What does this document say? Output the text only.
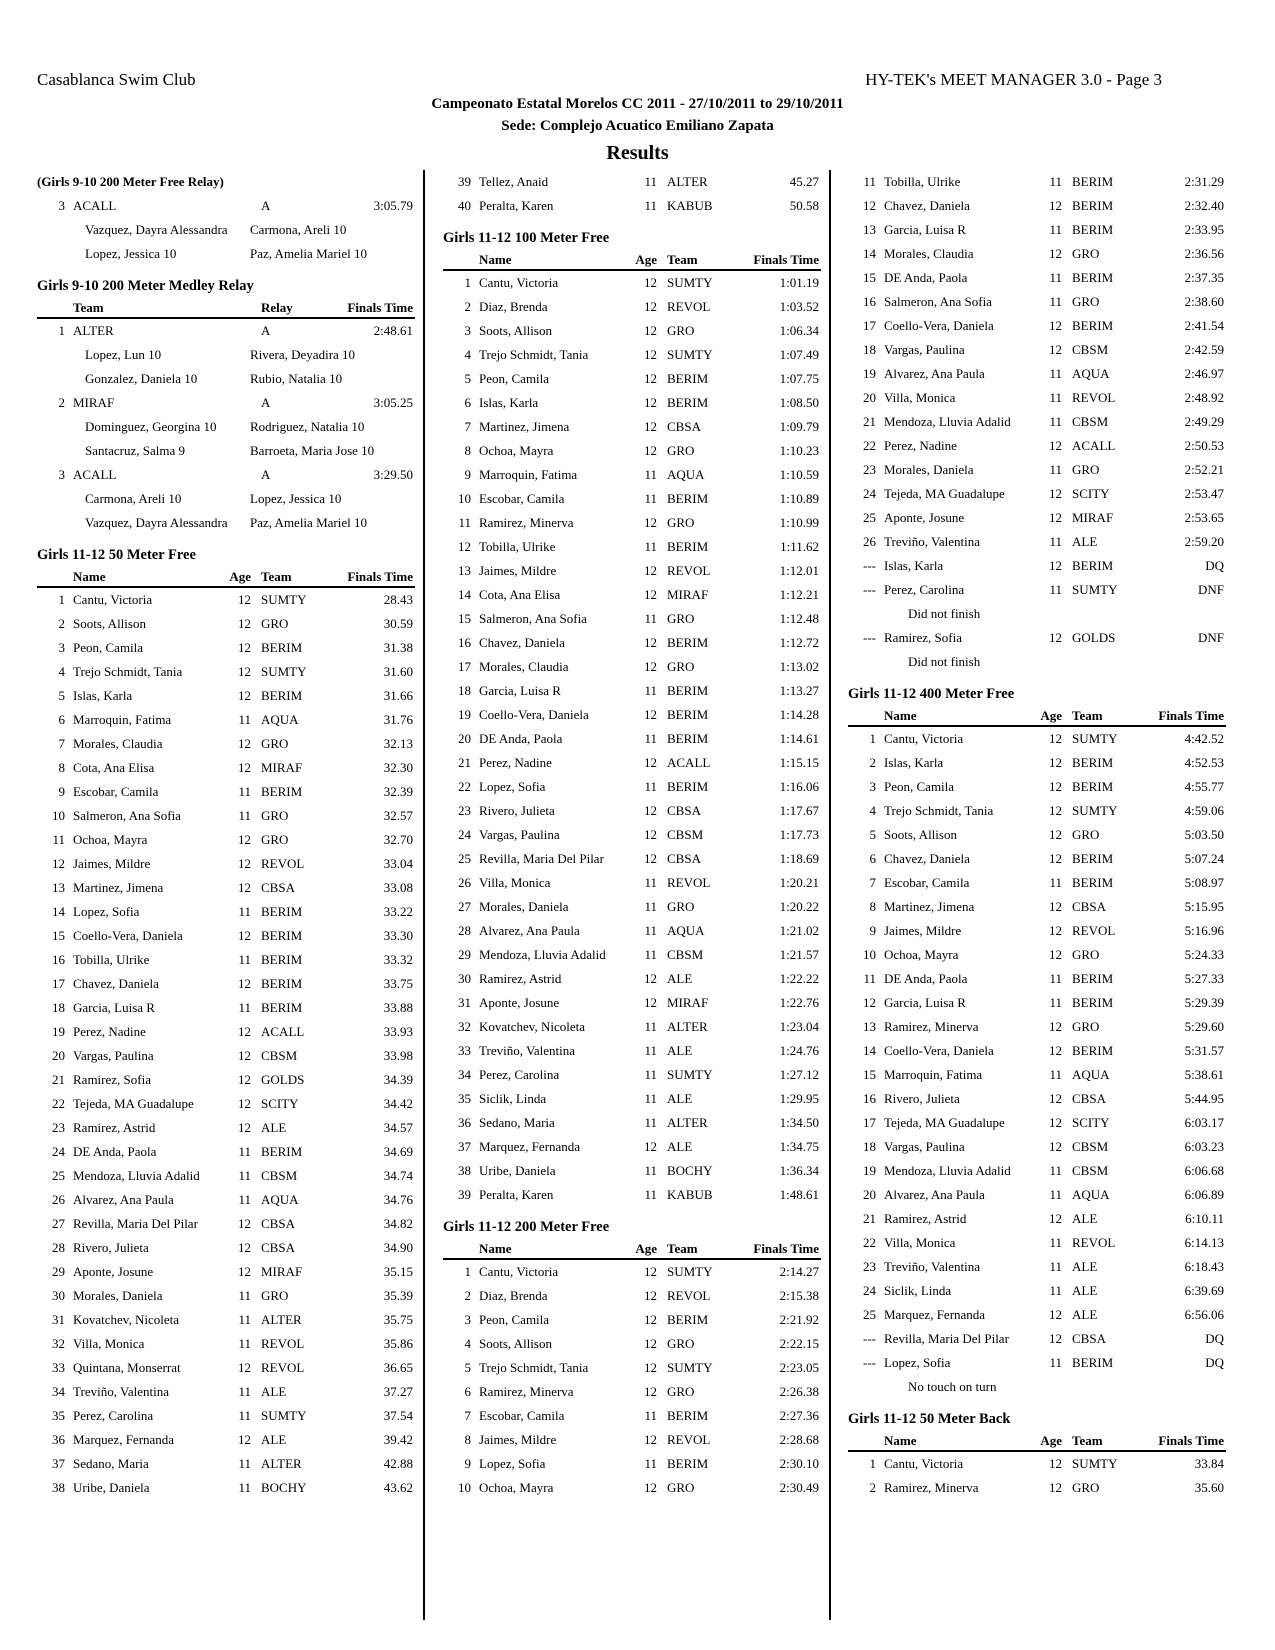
Casablanca Swim Club	HY-TEK's MEET MANAGER 3.0 - Page 3
Campeonato Estatal Morelos CC 2011 - 27/10/2011 to 29/10/2011
Sede: Complejo Acuatico Emiliano Zapata
Results
(Girls 9-10 200 Meter Free Relay)
3 ACALL	A	3:05.79
Vazquez, Dayra Alessandra	Carmona, Areli 10
Lopez, Jessica 10	Paz, Amelia Mariel 10
Girls 9-10 200 Meter Medley Relay
Team	Relay	Finals Time
1 ALTER	A	2:48.61
Lopez, Lun 10	Rivera, Deyadira 10
Gonzalez, Daniela 10	Rubio, Natalia 10
2 MIRAF	A	3:05.25
Dominguez, Georgina 10	Rodriguez, Natalia 10
Santacruz, Salma 9	Barroeta, Maria Jose 10
3 ACALL	A	3:29.50
Carmona, Areli 10	Lopez, Jessica 10
Vazquez, Dayra Alessandra	Paz, Amelia Mariel 10
Girls 11-12 50 Meter Free
Name	Age Team	Finals Time
1 Cantu, Victoria	12 SUMTY	28.43
2 Soots, Allison	12 GRO	30.59
3 Peon, Camila	12 BERIM	31.38
4 Trejo Schmidt, Tania	12 SUMTY	31.60
5 Islas, Karla	12 BERIM	31.66
6 Marroquin, Fatima	11 AQUA	31.76
7 Morales, Claudia	12 GRO	32.13
8 Cota, Ana Elisa	12 MIRAF	32.30
9 Escobar, Camila	11 BERIM	32.39
10 Salmeron, Ana Sofia	11 GRO	32.57
11 Ochoa, Mayra	12 GRO	32.70
12 Jaimes, Mildre	12 REVOL	33.04
13 Martinez, Jimena	12 CBSA	33.08
14 Lopez, Sofia	11 BERIM	33.22
15 Coello-Vera, Daniela	12 BERIM	33.30
16 Tobilla, Ulrike	11 BERIM	33.32
17 Chavez, Daniela	12 BERIM	33.75
18 Garcia, Luisa R	11 BERIM	33.88
19 Perez, Nadine	12 ACALL	33.93
20 Vargas, Paulina	12 CBSM	33.98
21 Ramirez, Sofia	12 GOLDS	34.39
22 Tejeda, MA Guadalupe	12 SCITY	34.42
23 Ramirez, Astrid	12 ALE	34.57
24 DE Anda, Paola	11 BERIM	34.69
25 Mendoza, Lluvia Adalid	11 CBSM	34.74
26 Alvarez, Ana Paula	11 AQUA	34.76
27 Revilla, Maria Del Pilar	12 CBSA	34.82
28 Rivero, Julieta	12 CBSA	34.90
29 Aponte, Josune	12 MIRAF	35.15
30 Morales, Daniela	11 GRO	35.39
31 Kovatchev, Nicoleta	11 ALTER	35.75
32 Villa, Monica	11 REVOL	35.86
33 Quintana, Monserrat	12 REVOL	36.65
34 Treviño, Valentina	11 ALE	37.27
35 Perez, Carolina	11 SUMTY	37.54
36 Marquez, Fernanda	12 ALE	39.42
37 Sedano, Maria	11 ALTER	42.88
38 Uribe, Daniela	11 BOCHY	43.62
39 Tellez, Anaid	11 ALTER	45.27
40 Peralta, Karen	11 KABUB	50.58
Girls 11-12 100 Meter Free
Name	Age Team	Finals Time
1 Cantu, Victoria	12 SUMTY	1:01.19
2 Diaz, Brenda	12 REVOL	1:03.52
3 Soots, Allison	12 GRO	1:06.34
4 Trejo Schmidt, Tania	12 SUMTY	1:07.49
5 Peon, Camila	12 BERIM	1:07.75
6 Islas, Karla	12 BERIM	1:08.50
7 Martinez, Jimena	12 CBSA	1:09.79
8 Ochoa, Mayra	12 GRO	1:10.23
9 Marroquin, Fatima	11 AQUA	1:10.59
10 Escobar, Camila	11 BERIM	1:10.89
11 Ramirez, Minerva	12 GRO	1:10.99
12 Tobilla, Ulrike	11 BERIM	1:11.62
13 Jaimes, Mildre	12 REVOL	1:12.01
14 Cota, Ana Elisa	12 MIRAF	1:12.21
15 Salmeron, Ana Sofia	11 GRO	1:12.48
16 Chavez, Daniela	12 BERIM	1:12.72
17 Morales, Claudia	12 GRO	1:13.02
18 Garcia, Luisa R	11 BERIM	1:13.27
19 Coello-Vera, Daniela	12 BERIM	1:14.28
20 DE Anda, Paola	11 BERIM	1:14.61
21 Perez, Nadine	12 ACALL	1:15.15
22 Lopez, Sofia	11 BERIM	1:16.06
23 Rivero, Julieta	12 CBSA	1:17.67
24 Vargas, Paulina	12 CBSM	1:17.73
25 Revilla, Maria Del Pilar	12 CBSA	1:18.69
26 Villa, Monica	11 REVOL	1:20.21
27 Morales, Daniela	11 GRO	1:20.22
28 Alvarez, Ana Paula	11 AQUA	1:21.02
29 Mendoza, Lluvia Adalid	11 CBSM	1:21.57
30 Ramirez, Astrid	12 ALE	1:22.22
31 Aponte, Josune	12 MIRAF	1:22.76
32 Kovatchev, Nicoleta	11 ALTER	1:23.04
33 Treviño, Valentina	11 ALE	1:24.76
34 Perez, Carolina	11 SUMTY	1:27.12
35 Siclik, Linda	11 ALE	1:29.95
36 Sedano, Maria	11 ALTER	1:34.50
37 Marquez, Fernanda	12 ALE	1:34.75
38 Uribe, Daniela	11 BOCHY	1:36.34
39 Peralta, Karen	11 KABUB	1:48.61
Girls 11-12 200 Meter Free
Name	Age Team	Finals Time
1 Cantu, Victoria	12 SUMTY	2:14.27
2 Diaz, Brenda	12 REVOL	2:15.38
3 Peon, Camila	12 BERIM	2:21.92
4 Soots, Allison	12 GRO	2:22.15
5 Trejo Schmidt, Tania	12 SUMTY	2:23.05
6 Ramirez, Minerva	12 GRO	2:26.38
7 Escobar, Camila	11 BERIM	2:27.36
8 Jaimes, Mildre	12 REVOL	2:28.68
9 Lopez, Sofia	11 BERIM	2:30.10
10 Ochoa, Mayra	12 GRO	2:30.49
11 Tobilla, Ulrike	11 BERIM	2:31.29
12 Chavez, Daniela	12 BERIM	2:32.40
13 Garcia, Luisa R	11 BERIM	2:33.95
14 Morales, Claudia	12 GRO	2:36.56
15 DE Anda, Paola	11 BERIM	2:37.35
16 Salmeron, Ana Sofia	11 GRO	2:38.60
17 Coello-Vera, Daniela	12 BERIM	2:41.54
18 Vargas, Paulina	12 CBSM	2:42.59
19 Alvarez, Ana Paula	11 AQUA	2:46.97
20 Villa, Monica	11 REVOL	2:48.92
21 Mendoza, Lluvia Adalid	11 CBSM	2:49.29
22 Perez, Nadine	12 ACALL	2:50.53
23 Morales, Daniela	11 GRO	2:52.21
24 Tejeda, MA Guadalupe	12 SCITY	2:53.47
25 Aponte, Josune	12 MIRAF	2:53.65
26 Treviño, Valentina	11 ALE	2:59.20
--- Islas, Karla	12 BERIM	DQ
--- Perez, Carolina	11 SUMTY	DNF
Did not finish
--- Ramirez, Sofia	12 GOLDS	DNF
Did not finish
Girls 11-12 400 Meter Free
Name	Age Team	Finals Time
1 Cantu, Victoria	12 SUMTY	4:42.52
2 Islas, Karla	12 BERIM	4:52.53
3 Peon, Camila	12 BERIM	4:55.77
4 Trejo Schmidt, Tania	12 SUMTY	4:59.06
5 Soots, Allison	12 GRO	5:03.50
6 Chavez, Daniela	12 BERIM	5:07.24
7 Escobar, Camila	11 BERIM	5:08.97
8 Martinez, Jimena	12 CBSA	5:15.95
9 Jaimes, Mildre	12 REVOL	5:16.96
10 Ochoa, Mayra	12 GRO	5:24.33
11 DE Anda, Paola	11 BERIM	5:27.33
12 Garcia, Luisa R	11 BERIM	5:29.39
13 Ramirez, Minerva	12 GRO	5:29.60
14 Coello-Vera, Daniela	12 BERIM	5:31.57
15 Marroquin, Fatima	11 AQUA	5:38.61
16 Rivero, Julieta	12 CBSA	5:44.95
17 Tejeda, MA Guadalupe	12 SCITY	6:03.17
18 Vargas, Paulina	12 CBSM	6:03.23
19 Mendoza, Lluvia Adalid	11 CBSM	6:06.68
20 Alvarez, Ana Paula	11 AQUA	6:06.89
21 Ramirez, Astrid	12 ALE	6:10.11
22 Villa, Monica	11 REVOL	6:14.13
23 Treviño, Valentina	11 ALE	6:18.43
24 Siclik, Linda	11 ALE	6:39.69
25 Marquez, Fernanda	12 ALE	6:56.06
--- Revilla, Maria Del Pilar	12 CBSA	DQ
--- Lopez, Sofia	11 BERIM	DQ
No touch on turn
Girls 11-12 50 Meter Back
Name	Age Team	Finals Time
1 Cantu, Victoria	12 SUMTY	33.84
2 Ramirez, Minerva	12 GRO	35.60
